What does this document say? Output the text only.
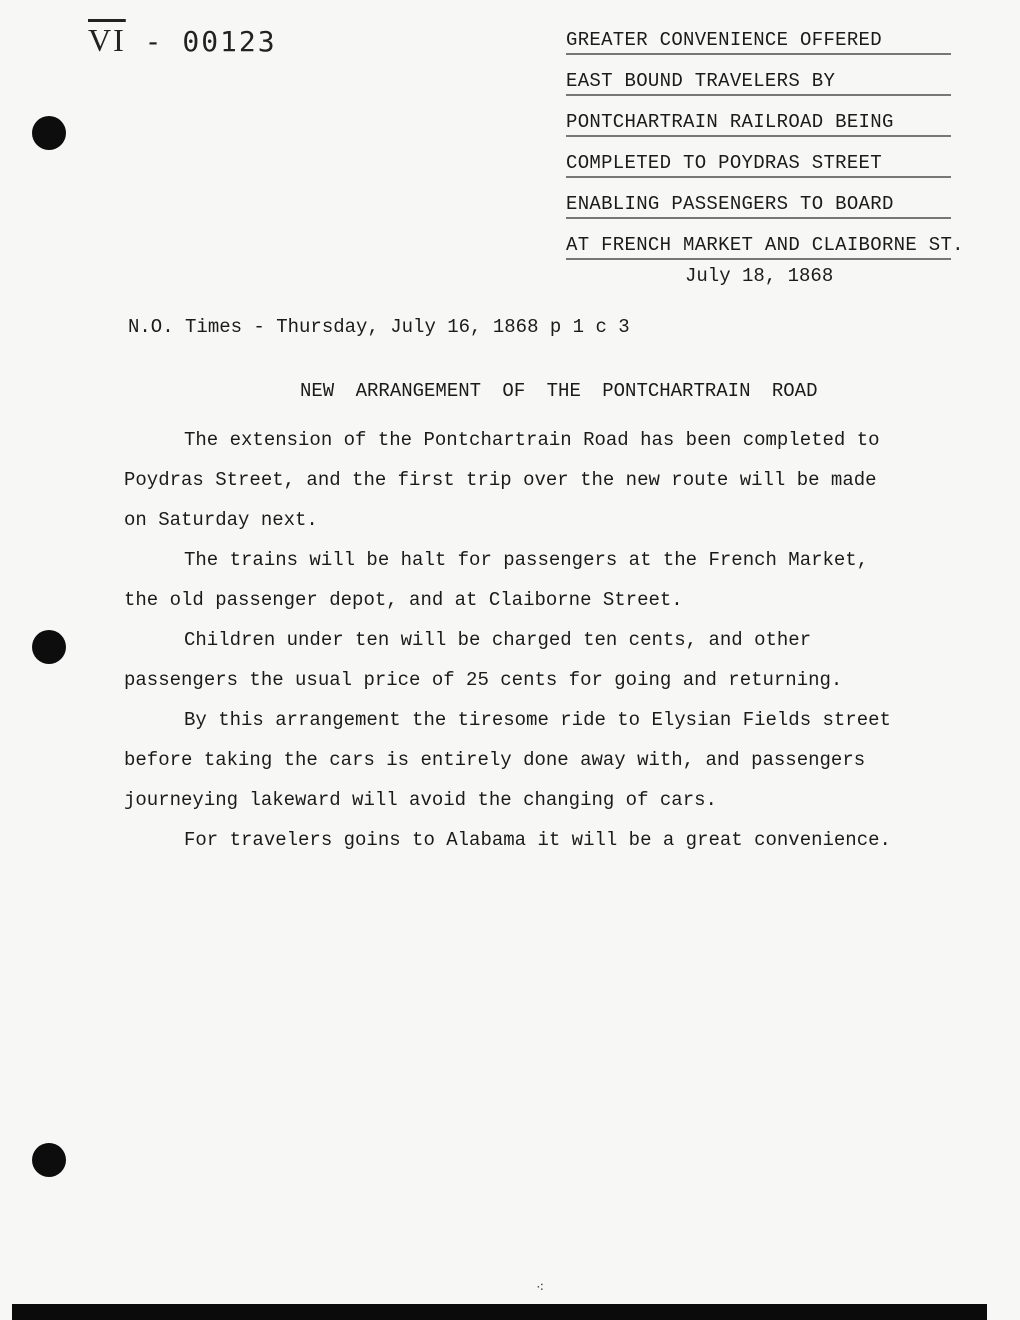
$\overline{VI} - 00123$	GREATER CONVENIENCE OFFERED
EAST BOUND TRAVELERS BY
PONTCHARTRAIN RAILROAD BEING
COMPLETED TO POYDRAS STREET
ENABLING PASSENGERS TO BOARD
AT FRENCH MARKET AND CLAIBORNE ST.
July 18, 1868
N.O. Times - Thursday, July 16, 1868 p 1 c 3
NEW ARRANGEMENT OF THE PONTCHARTRAIN ROAD

The extension of the Pontchartrain Road has been completed to
Poydras Street, and the first trip over the new route will be made
on Saturday next.

The trains will be halt for passengers at the French Market,
the old passenger depot, and at Claiborne Street.

Children under ten will be charged ten cents, and other
passengers the usual price of 25 cents for going and returning.

By this arrangement the tiresome ride to Elysian Fields street
before taking the cars is entirely done away with, and passengers
journeying lakeward will avoid the changing of cars.

For travelers goins to Alabama it will be a great convenience.

⁖
